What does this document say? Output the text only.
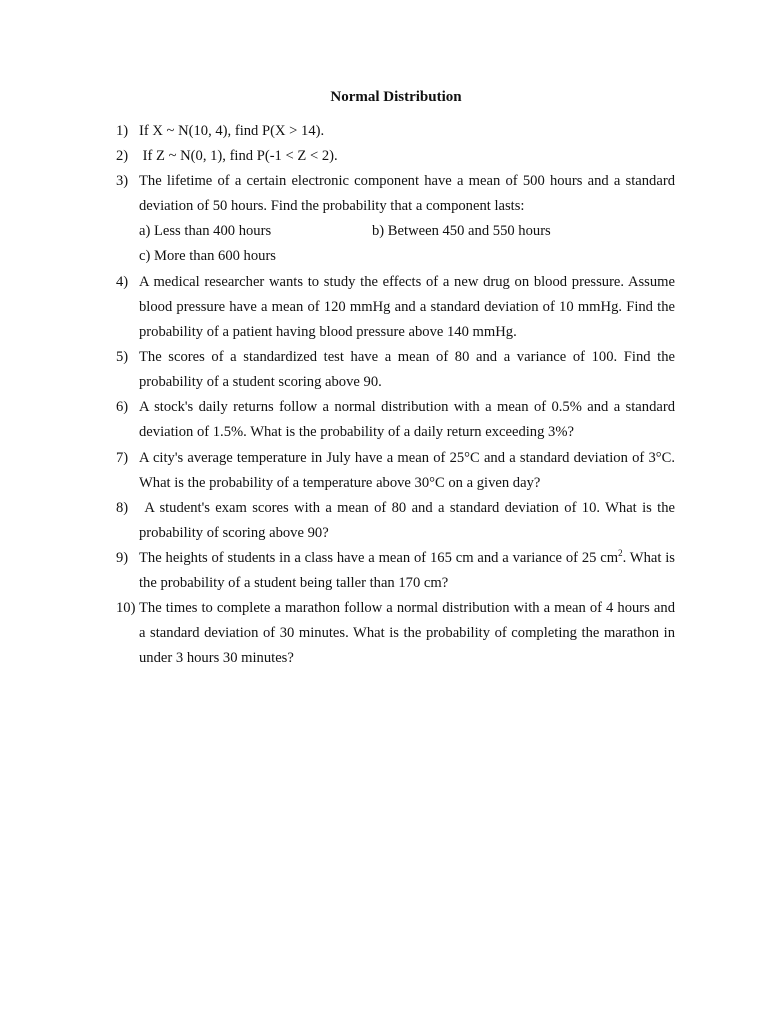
Normal Distribution
1) If X ~ N(10, 4), find P(X > 14).
2) If Z ~ N(0, 1), find P(-1 < Z < 2).
3) The lifetime of a certain electronic component have a mean of 500 hours and a standard deviation of 50 hours. Find the probability that a component lasts:
a) Less than 400 hours	b) Between 450 and 550 hours
c) More than 600 hours
4) A medical researcher wants to study the effects of a new drug on blood pressure. Assume blood pressure have a mean of 120 mmHg and a standard deviation of 10 mmHg. Find the probability of a patient having blood pressure above 140 mmHg.
5) The scores of a standardized test have a mean of 80 and a variance of 100. Find the probability of a student scoring above 90.
6) A stock's daily returns follow a normal distribution with a mean of 0.5% and a standard deviation of 1.5%. What is the probability of a daily return exceeding 3%?
7) A city's average temperature in July have a mean of 25°C and a standard deviation of 3°C. What is the probability of a temperature above 30°C on a given day?
8) A student's exam scores with a mean of 80 and a standard deviation of 10. What is the probability of scoring above 90?
9) The heights of students in a class have a mean of 165 cm and a variance of 25 $cm^2$. What is the probability of a student being taller than 170 cm?
10) The times to complete a marathon follow a normal distribution with a mean of 4 hours and a standard deviation of 30 minutes. What is the probability of completing the marathon in under 3 hours 30 minutes?
